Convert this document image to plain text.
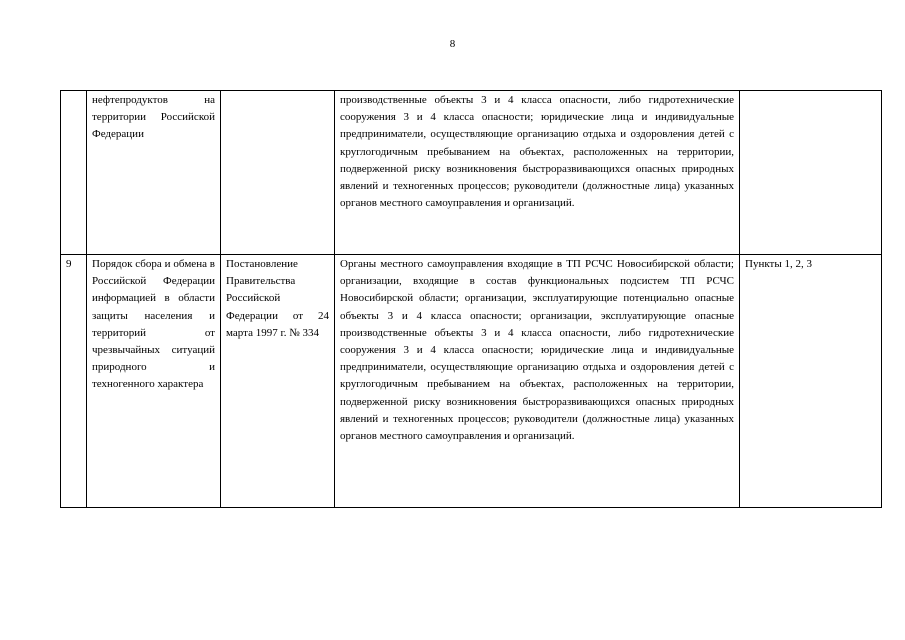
8

	нефтепродуктов на территории Российской Федерации		производственные объекты 3 и 4 класса опасности, либо гидротехнические сооружения 3 и 4 класса опасности; юридические лица и индивидуальные предприниматели, осуществляющие организацию отдыха и оздоровления детей с круглогодичным пребыванием на объектах, расположенных на территории, подверженной риску возникновения быстроразвивающихся опасных природных явлений и техногенных процессов; руководители (должностные лица) указанных органов местного самоуправления и организаций.	

9	Порядок сбора и обмена в Российской Федерации информацией в области защиты населения и территорий от чрезвычайных ситуаций природного и техногенного характера	Постановление Правительства Российской Федерации от 24 марта 1997 г. № 334	Органы местного самоуправления входящие в ТП РСЧС Новосибирской области; организации, входящие в состав функциональных подсистем ТП РСЧС Новосибирской области; организации, эксплуатирующие потенциально опасные объекты 3 и 4 класса опасности; организации, эксплуатирующие опасные производственные объекты 3 и 4 класса опасности, либо гидротехнические сооружения 3 и 4 класса опасности; юридические лица и индивидуальные предприниматели, осуществляющие организацию отдыха и оздоровления детей с круглогодичным пребыванием на объектах, расположенных на территории, подверженной риску возникновения быстроразвивающихся опасных природных явлений и техногенных процессов; руководители (должностные лица) указанных органов местного самоуправления и организаций.	Пункты 1, 2, 3
